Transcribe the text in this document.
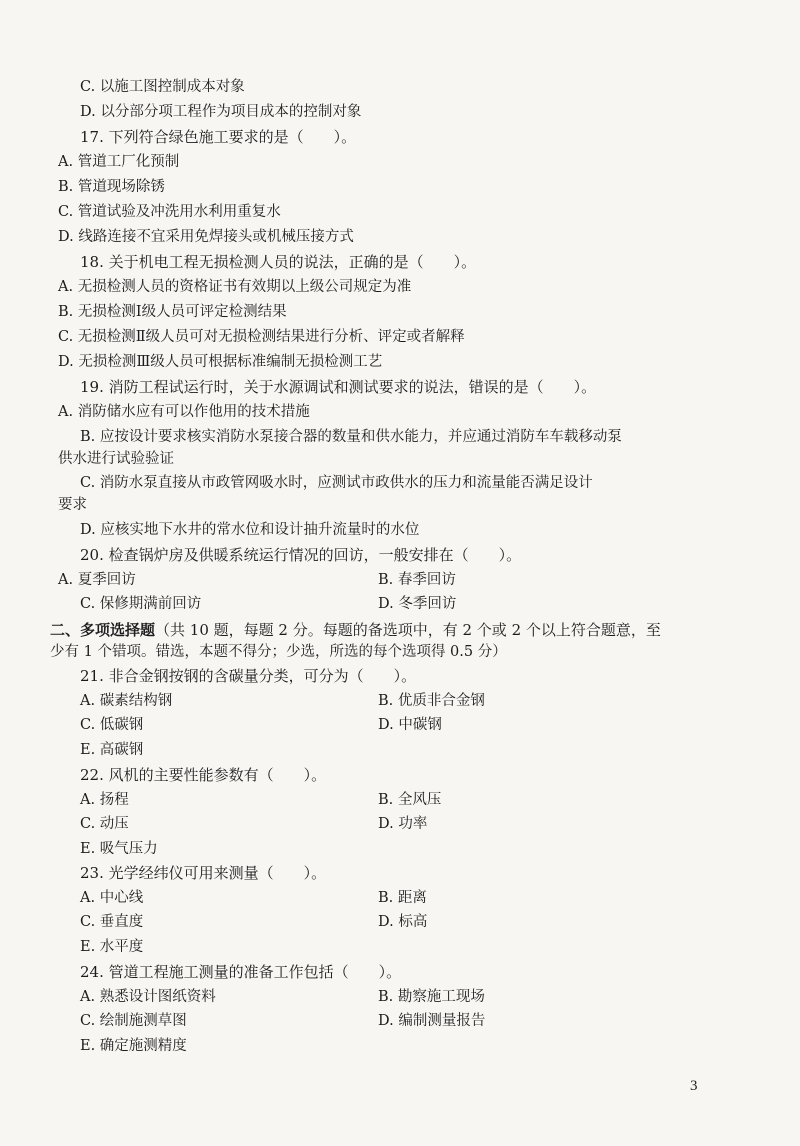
C. 以施工图控制成本对象
D. 以分部分项工程作为项目成本的控制对象
17. 下列符合绿色施工要求的是（　　）。
A. 管道工厂化预制
B. 管道现场除锈
C. 管道试验及冲洗用水利用重复水
D. 线路连接不宜采用免焊接头或机械压接方式
18. 关于机电工程无损检测人员的说法，正确的是（　　）。
A. 无损检测人员的资格证书有效期以上级公司规定为准
B. 无损检测Ⅰ级人员可评定检测结果
C. 无损检测Ⅱ级人员可对无损检测结果进行分析、评定或者解释
D. 无损检测Ⅲ级人员可根据标准编制无损检测工艺
19. 消防工程试运行时，关于水源调试和测试要求的说法，错误的是（　　）。
A. 消防储水应有可以作他用的技术措施
B. 应按设计要求核实消防水泵接合器的数量和供水能力，并应通过消防车车载移动泵
供水进行试验验证
C. 消防水泵直接从市政管网吸水时，应测试市政供水的压力和流量能否满足设计
要求
D. 应核实地下水井的常水位和设计抽升流量时的水位
20. 检查锅炉房及供暖系统运行情况的回访，一般安排在（　　）。
A. 夏季回访	B. 春季回访
C. 保修期满前回访	D. 冬季回访
二、多项选择题（共 10 题，每题 2 分。每题的备选项中，有 2 个或 2 个以上符合题意，至
少有 1 个错项。错选，本题不得分；少选，所选的每个选项得 0.5 分）
21. 非合金钢按钢的含碳量分类，可分为（　　）。
A. 碳素结构钢	B. 优质非合金钢
C. 低碳钢	D. 中碳钢
E. 高碳钢
22. 风机的主要性能参数有（　　）。
A. 扬程	B. 全风压
C. 动压	D. 功率
E. 吸气压力
23. 光学经纬仪可用来测量（　　）。
A. 中心线	B. 距离
C. 垂直度	D. 标高
E. 水平度
24. 管道工程施工测量的准备工作包括（　　）。
A. 熟悉设计图纸资料	B. 勘察施工现场
C. 绘制施测草图	D. 编制测量报告
E. 确定施测精度
3
